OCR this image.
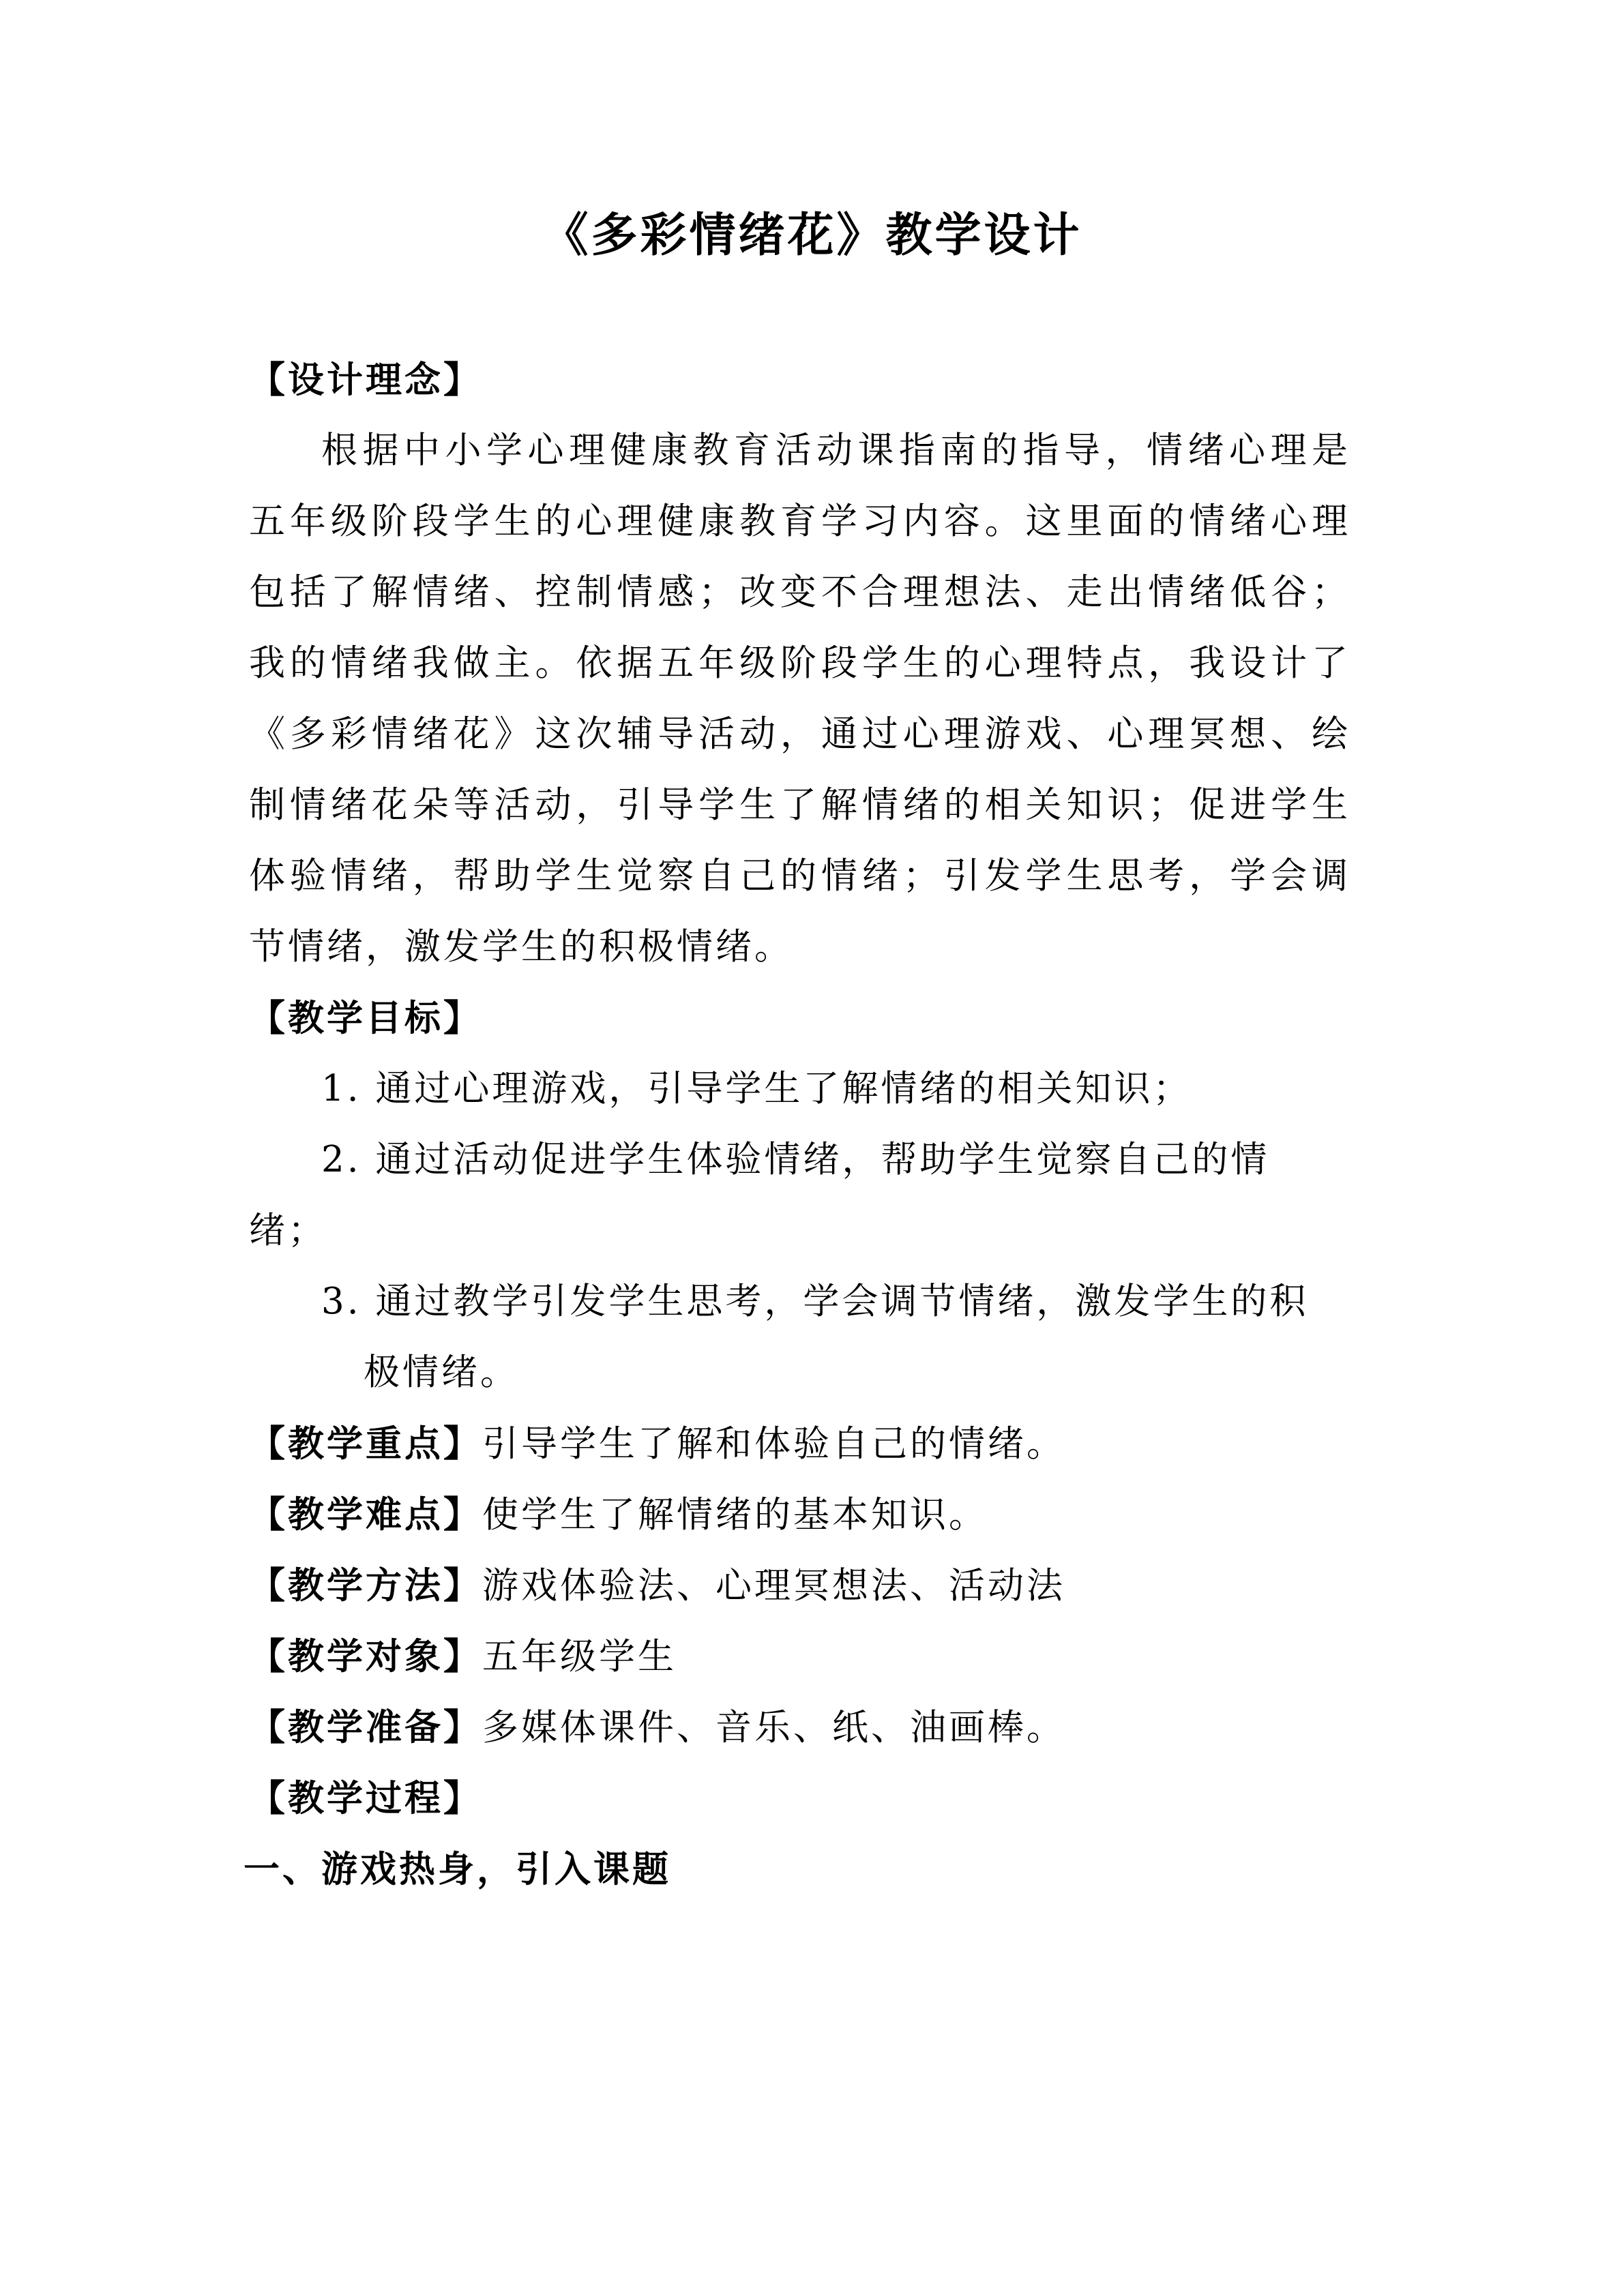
《多彩情绪花》教学设计
【设计理念】
根据中小学心理健康教育活动课指南的指导，情绪心理是
五年级阶段学生的心理健康教育学习内容。这里面的情绪心理
包括了解情绪、控制情感；改变不合理想法、走出情绪低谷；
我的情绪我做主。依据五年级阶段学生的心理特点，我设计了
《多彩情绪花》这次辅导活动，通过心理游戏、心理冥想、绘
制情绪花朵等活动，引导学生了解情绪的相关知识；促进学生
体验情绪，帮助学生觉察自己的情绪；引发学生思考，学会调
节情绪，激发学生的积极情绪。
【教学目标】
1. 通过心理游戏，引导学生了解情绪的相关知识；
2. 通过活动促进学生体验情绪，帮助学生觉察自己的情
绪；
3. 通过教学引发学生思考，学会调节情绪，激发学生的积
极情绪。
【教学重点】引导学生了解和体验自己的情绪。
【教学难点】使学生了解情绪的基本知识。
【教学方法】游戏体验法、心理冥想法、活动法
【教学对象】五年级学生
【教学准备】多媒体课件、音乐、纸、油画棒。
【教学过程】
一、游戏热身，引入课题
